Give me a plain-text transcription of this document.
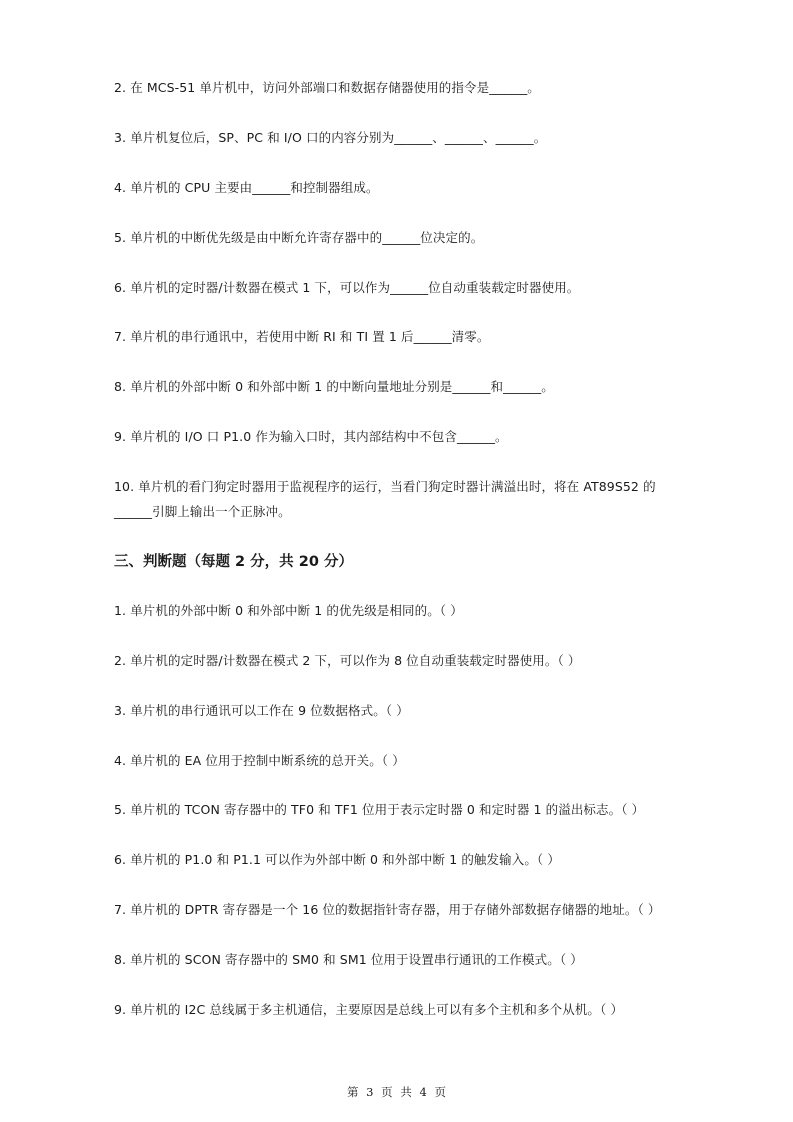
2. 在 MCS-51 单片机中，访问外部端口和数据存储器使用的指令是______。
3. 单片机复位后，SP、PC 和 I/O 口的内容分别为______、______、______。
4. 单片机的 CPU 主要由______和控制器组成。
5. 单片机的中断优先级是由中断允许寄存器中的______位决定的。
6. 单片机的定时器/计数器在模式 1 下，可以作为______位自动重装载定时器使用。
7. 单片机的串行通讯中，若使用中断 RI 和 TI 置 1 后______清零。
8. 单片机的外部中断 0 和外部中断 1 的中断向量地址分别是______和______。
9. 单片机的 I/O 口 P1.0 作为输入口时，其内部结构中不包含______。
10. 单片机的看门狗定时器用于监视程序的运行，当看门狗定时器计满溢出时，将在 AT89S52 的
______引脚上输出一个正脉冲。
三、判断题（每题 2 分，共 20 分）
1. 单片机的外部中断 0 和外部中断 1 的优先级是相同的。（ ）
2. 单片机的定时器/计数器在模式 2 下，可以作为 8 位自动重装载定时器使用。（ ）
3. 单片机的串行通讯可以工作在 9 位数据格式。（ ）
4. 单片机的 EA 位用于控制中断系统的总开关。（ ）
5. 单片机的 TCON 寄存器中的 TF0 和 TF1 位用于表示定时器 0 和定时器 1 的溢出标志。（ ）
6. 单片机的 P1.0 和 P1.1 可以作为外部中断 0 和外部中断 1 的触发输入。（ ）
7. 单片机的 DPTR 寄存器是一个 16 位的数据指针寄存器，用于存储外部数据存储器的地址。（ ）
8. 单片机的 SCON 寄存器中的 SM0 和 SM1 位用于设置串行通讯的工作模式。（ ）
9. 单片机的 I2C 总线属于多主机通信，主要原因是总线上可以有多个主机和多个从机。（ ）
第 3 页 共 4 页
